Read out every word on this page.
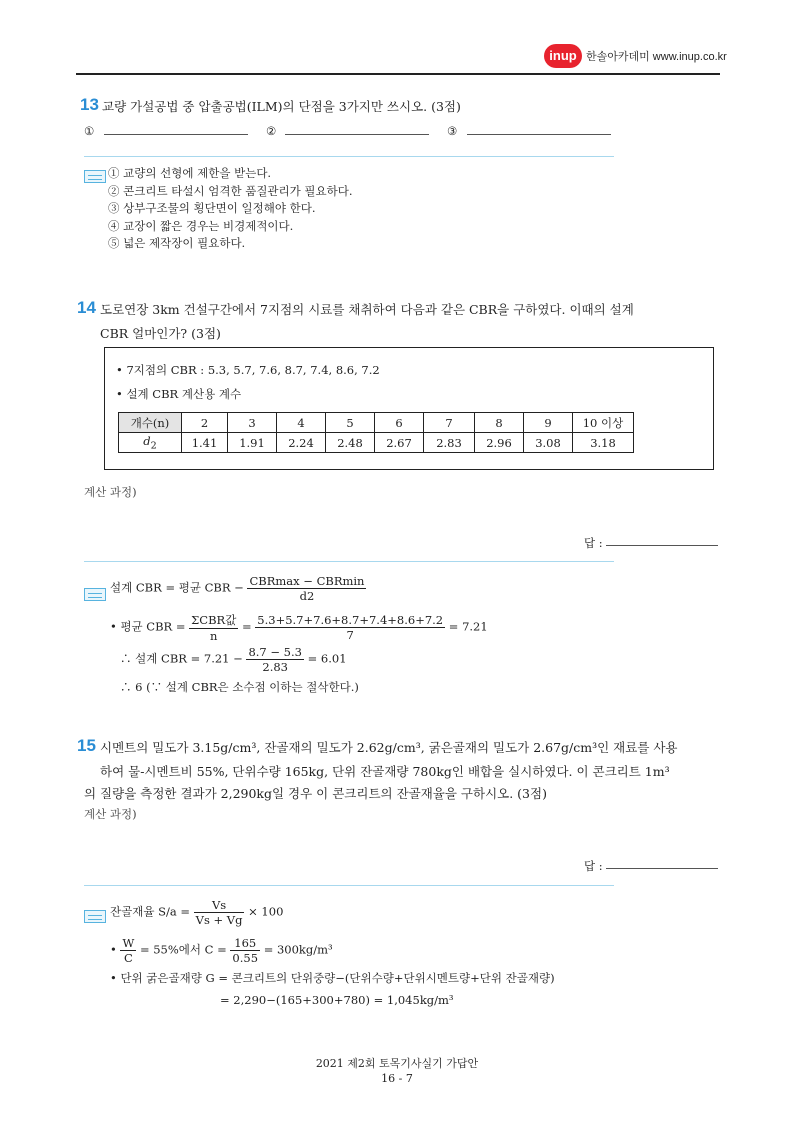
inup 한솔아카데미 www.inup.co.kr
13 교량 가설공법 중 압출공법(ILM)의 단점을 3가지만 쓰시오. (3점)
①	②	③
① 교량의 선형에 제한을 받는다.
② 콘크리트 타설시 엄격한 품질관리가 필요하다.
③ 상부구조물의 횡단면이 일정해야 한다.
④ 교장이 짧은 경우는 비경제적이다.
⑤ 넓은 제작장이 필요하다.
14 도로연장 3km 건설구간에서 7지점의 시료를 채취하여 다음과 같은 CBR을 구하였다. 이때의 설계
CBR 얼마인가? (3점)
• 7지점의 CBR : 5.3, 5.7, 7.6, 8.7, 7.4, 8.6, 7.2
• 설계 CBR 계산용 계수
개수(n)	2	3	4	5	6	7	8	9	10 이상
$d_2$	1.41	1.91	2.24	2.48	2.67	2.83	2.96	3.08	3.18
계산 과정)
답 :
설계 CBR = 평균 CBR − $\frac{\text{CBRmax − CBRmin}}{d2}$
• 평균 CBR = $\frac{\text{ΣCBR값}}{n} = \frac{5.3+5.7+7.6+8.7+7.4+8.6+7.2}{7} = 7.21$
∴ 설계 CBR = $7.21 - \frac{8.7 - 5.3}{2.83} = 6.01$
∴ 6 (∵ 설계 CBR은 소수점 이하는 절삭한다.)
15 시멘트의 밀도가 3.15g/cm³, 잔골재의 밀도가 2.62g/cm³, 굵은골재의 밀도가 2.67g/cm³인 재료를 사용
하여 물-시멘트비 55%, 단위수량 165kg, 단위 잔골재량 780kg인 배합을 실시하였다. 이 콘크리트 1m³
의 질량을 측정한 결과가 2,290kg일 경우 이 콘크리트의 잔골재율을 구하시오. (3점)
계산 과정)
답 :
잔골재율 $S/a = \frac{Vs}{Vs + Vg} \times 100$
• $\frac{W}{C} = 55\%$에서 $C = \frac{165}{0.55} = 300kg/m^3$
• 단위 굵은골재량 G = 콘크리트의 단위중량−(단위수량+단위시멘트량+단위 잔골재량)
= 2,290−(165+300+780) = 1,045kg/m³
2021 제2회 토목기사실기 가답안
16 - 7
